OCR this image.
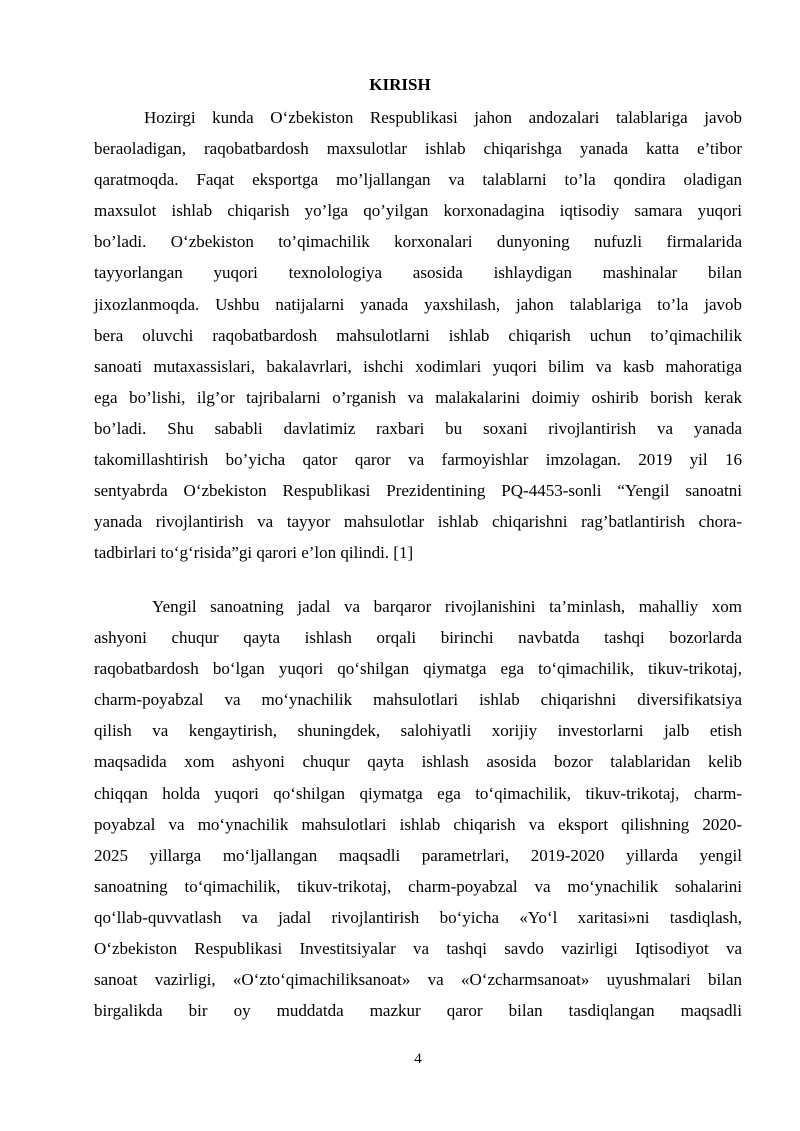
KIRISH

Hozirgi kunda O‘zbekiston Respublikasi jahon andozalari talablariga javob
beraoladigan, raqobatbardosh maxsulotlar ishlab chiqarishga yanada katta e’tibor
qaratmoqda. Faqat eksportga mo’ljallangan va talablarni to’la qondira oladigan
maxsulot ishlab chiqarish yo’lga qo’yilgan korxonadagina iqtisodiy samara yuqori
bo’ladi. O‘zbekiston to’qimachilik korxonalari dunyoning nufuzli firmalarida
tayyorlangan yuqori texnolologiya asosida ishlaydigan mashinalar bilan
jixozlanmoqda. Ushbu natijalarni yanada yaxshilash, jahon talablariga to’la javob
bera oluvchi raqobatbardosh mahsulotlarni ishlab chiqarish uchun to’qimachilik
sanoati mutaxassislari, bakalavrlari, ishchi xodimlari yuqori bilim va kasb mahoratiga
ega bo’lishi, ilg’or tajribalarni o’rganish va malakalarini doimiy oshirib borish kerak
bo’ladi. Shu sababli davlatimiz raxbari bu soxani rivojlantirish va yanada
takomillashtirish bo’yicha qator qaror va farmoyishlar imzolagan. 2019 yil 16
sentyabrda O‘zbekiston Respublikasi Prezidentining PQ-4453-sonli “Yengil sanoatni
yanada rivojlantirish va tayyor mahsulotlar ishlab chiqarishni rag’batlantirish chora-
tadbirlari to‘g‘risida”gi qarori e’lon qilindi. [1]

Yengil sanoatning jadal va barqaror rivojlanishini ta’minlash, mahalliy xom
ashyoni chuqur qayta ishlash orqali birinchi navbatda tashqi bozorlarda
raqobatbardosh bo‘lgan yuqori qo‘shilgan qiymatga ega to‘qimachilik, tikuv-trikotaj,
charm-poyabzal va mo‘ynachilik mahsulotlari ishlab chiqarishni diversifikatsiya
qilish va kengaytirish, shuningdek, salohiyatli xorijiy investorlarni jalb etish
maqsadida xom ashyoni chuqur qayta ishlash asosida bozor talablaridan kelib
chiqqan holda yuqori qo‘shilgan qiymatga ega to‘qimachilik, tikuv-trikotaj, charm-
poyabzal va mo‘ynachilik mahsulotlari ishlab chiqarish va eksport qilishning 2020-
2025 yillarga mo‘ljallangan maqsadli parametrlari, 2019-2020 yillarda yengil
sanoatning to‘qimachilik, tikuv-trikotaj, charm-poyabzal va mo‘ynachilik sohalarini
qo‘llab-quvvatlash va jadal rivojlantirish bo‘yicha «Yo‘l xaritasi»ni tasdiqlash,
O‘zbekiston Respublikasi Investitsiyalar va tashqi savdo vazirligi Iqtisodiyot va
sanoat vazirligi, «O‘zto‘qimachiliksanoat» va «O‘zcharmsanoat» uyushmalari bilan
birgalikda bir oy muddatda mazkur qaror bilan tasdiqlangan maqsadli

4
